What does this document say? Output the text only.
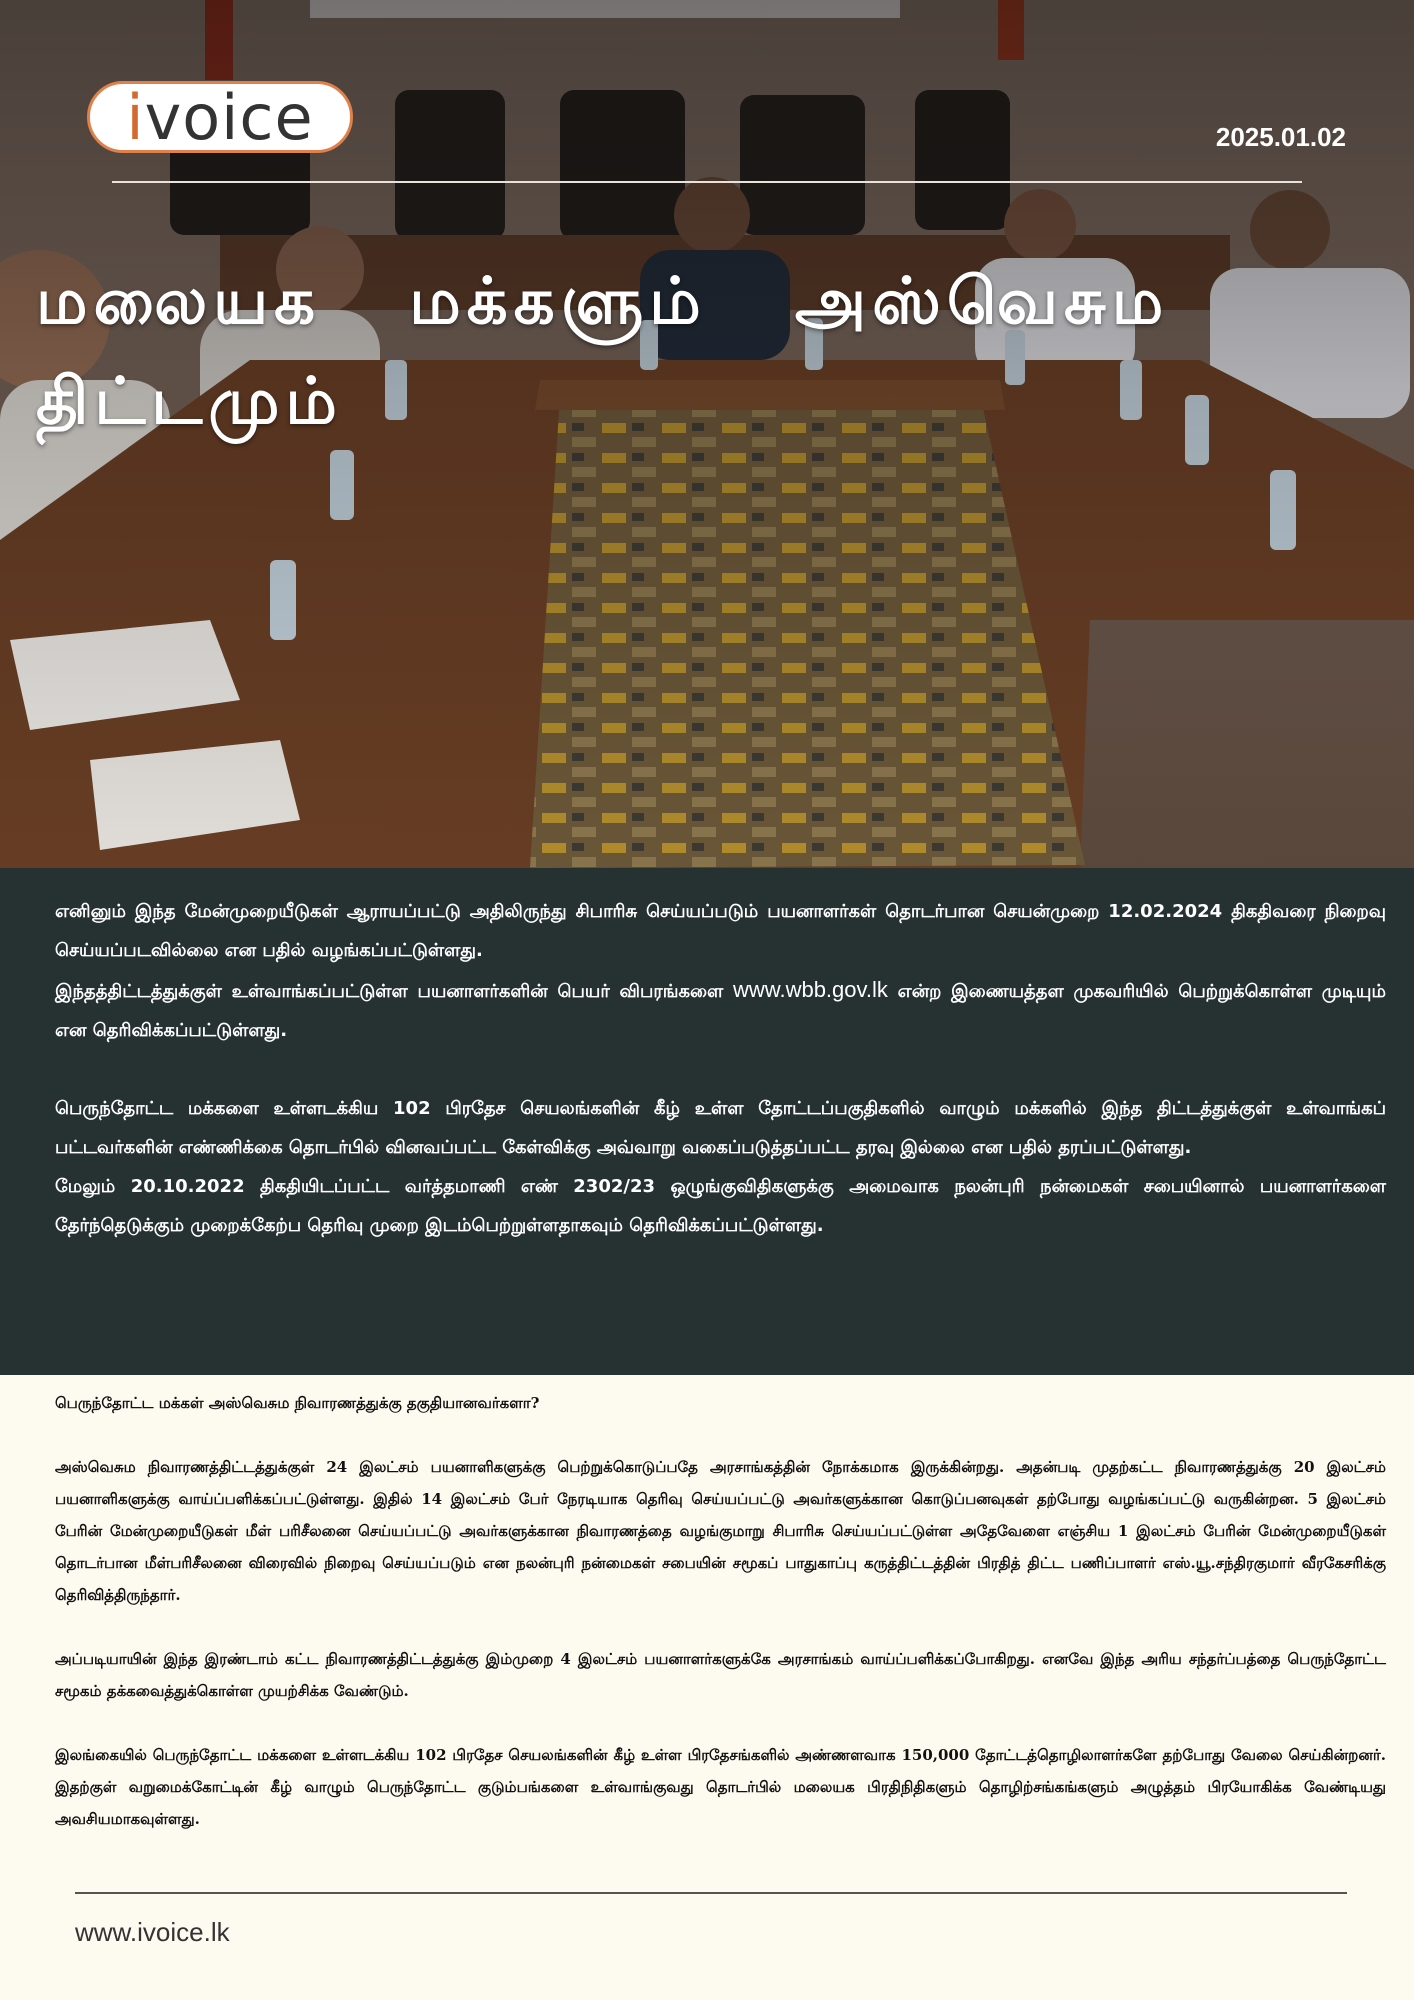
i voice	2025.01.02
மலையக மக்களும் அஸ்வெசும திட்டமும்

எனினும் இந்த மேன்முறையீடுகள் ஆராயப்பட்டு அதிலிருந்து சிபாரிசு செய்யப்படும் பயனாளர்கள் தொடர்பான செயன்முறை 12.02.2024 திகதிவரை நிறைவு செய்யப்படவில்லை என பதில் வழங்கப்பட்டுள்ளது.

இந்தத்திட்டத்துக்குள் உள்வாங்கப்பட்டுள்ள பயனாளர்களின் பெயர் விபரங்களை www.wbb.gov.lk என்ற இணையத்தள முகவரியில் பெற்றுக்கொள்ள முடியும் என தெரிவிக்கப்பட்டுள்ளது.

பெருந்தோட்ட மக்களை உள்ளடக்கிய 102 பிரதேச செயலங்களின் கீழ் உள்ள தோட்டப்பகுதிகளில் வாழும் மக்களில் இந்த திட்டத்துக்குள் உள்வாங்கப் பட்டவர்களின் எண்ணிக்கை தொடர்பில் வினவப்பட்ட கேள்விக்கு அவ்வாறு வகைப்படுத்தப்பட்ட தரவு இல்லை என பதில் தரப்பட்டுள்ளது.

மேலும் 20.10.2022 திகதியிடப்பட்ட வர்த்தமாணி எண் 2302/23 ஒழுங்குவிதிகளுக்கு அமைவாக நலன்புரி நன்மைகள் சபையினால் பயனாளர்களை தேர்ந்தெடுக்கும் முறைக்கேற்ப தெரிவு முறை இடம்பெற்றுள்ளதாகவும் தெரிவிக்கப்பட்டுள்ளது.

பெருந்தோட்ட மக்கள் அஸ்வெசும நிவாரணத்துக்கு தகுதியானவர்களா?

அஸ்வெசும நிவாரணத்திட்டத்துக்குள் 24 இலட்சம் பயனாளிகளுக்கு பெற்றுக்கொடுப்பதே அரசாங்கத்தின் நோக்கமாக இருக்கின்றது. அதன்படி முதற்கட்ட நிவாரணத்துக்கு 20 இலட்சம் பயனாளிகளுக்கு வாய்ப்பளிக்கப்பட்டுள்ளது. இதில் 14 இலட்சம் பேர் நேரடியாக தெரிவு செய்யப்பட்டு அவர்களுக்கான கொடுப்பனவுகள் தற்போது வழங்கப்பட்டு வருகின்றன. 5 இலட்சம் பேரின் மேன்முறையீடுகள் மீள் பரிசீலனை செய்யப்பட்டு அவர்களுக்கான நிவாரணத்தை வழங்குமாறு சிபாரிசு செய்யப்பட்டுள்ள அதேவேளை எஞ்சிய 1 இலட்சம் பேரின் மேன்முறையீடுகள் தொடர்பான மீள்பரிசீலனை விரைவில் நிறைவு செய்யப்படும் என நலன்புரி நன்மைகள் சபையின் சமூகப் பாதுகாப்பு கருத்திட்டத்தின் பிரதித் திட்ட பணிப்பாளர் எஸ்.யூ.சந்திரகுமார் வீரகேசரிக்கு தெரிவித்திருந்தார்.

அப்படியாயின் இந்த இரண்டாம் கட்ட நிவாரணத்திட்டத்துக்கு இம்முறை 4 இலட்சம் பயனாளர்களுக்கே அரசாங்கம் வாய்ப்பளிக்கப்போகிறது. எனவே இந்த அரிய சந்தர்ப்பத்தை பெருந்தோட்ட சமூகம் தக்கவைத்துக்கொள்ள முயற்சிக்க வேண்டும்.

இலங்கையில் பெருந்தோட்ட மக்களை உள்ளடக்கிய 102 பிரதேச செயலங்களின் கீழ் உள்ள பிரதேசங்களில் அண்ணளவாக 150,000 தோட்டத்தொழிலாளர்களே தற்போது வேலை செய்கின்றனர். இதற்குள் வறுமைக்கோட்டின் கீழ் வாழும் பெருந்தோட்ட குடும்பங்களை உள்வாங்குவது தொடர்பில் மலையக பிரதிநிதிகளும் தொழிற்சங்கங்களும் அழுத்தம் பிரயோகிக்க வேண்டியது அவசியமாகவுள்ளது.

www.ivoice.lk
